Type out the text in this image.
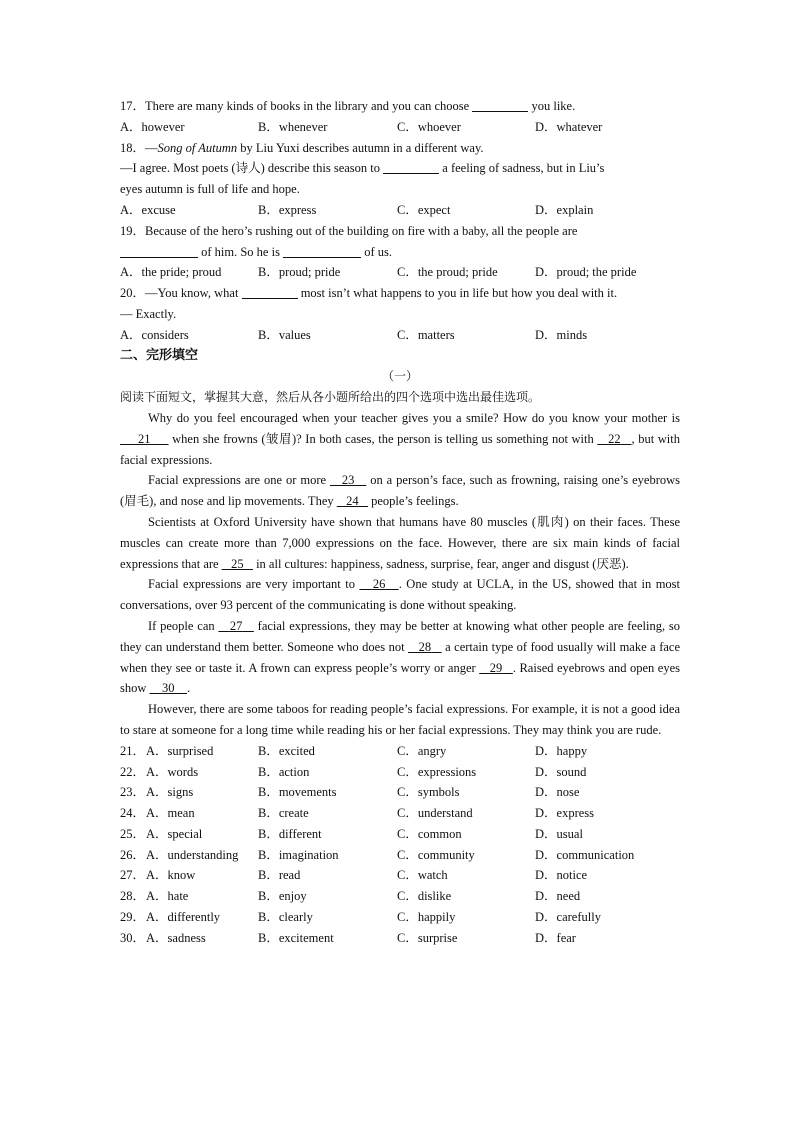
17．There are many kinds of books in the library and you can choose	you like.
A．however	B．whenever	C．whoever	D．whatever
18．—Song of Autumn by Liu Yuxi describes autumn in a different way.
—I agree. Most poets (诗人) describe this season to	a feeling of sadness, but in Liu’s
eyes autumn is full of life and hope.
A．excuse	B．express	C．expect	D．explain
19．Because of the hero’s rushing out of the building on fire with a baby, all the people are
of him. So he is	of us.
A．the pride; proud	B．proud; pride	C．the proud; pride	D．proud; the pride
20．—You know, what	most isn’t what happens to you in life but how you deal with it.
— Exactly.
A．considers	B．values	C．matters	D．minds
二、完形填空
（一）
阅读下面短文，掌握其大意，然后从各小题所给出的四个选项中选出最佳选项。
Why do you feel encouraged when your teacher gives you a smile? How do you know your mother is      21      when she frowns (皱眉)? In both cases, the person is telling us something not with    22 , but with facial expressions.
Facial expressions are one or more    23    on a person’s face, such as frowning, raising one’s eyebrows (眉毛), and nose and lip movements. They    24    people’s feelings.
Scientists at Oxford University have shown that humans have 80 muscles (肌肉) on their faces. These muscles can create more than 7,000 expressions on the face. However, there are six main kinds of facial expressions that are    25    in all cultures: happiness, sadness, surprise, fear, anger and disgust (厌恶).
Facial expressions are very important to    26 . One study at UCLA, in the US, showed that in most conversations, over 93 percent of the communicating is done without speaking.
If people can    27    facial expressions, they may be better at knowing what other people are feeling, so they can understand them better. Someone who does not    28    a certain type of food usually will make a face when they see or taste it. A frown can express people’s worry or anger    29 . Raised eyebrows and open eyes show     30 .
However, there are some taboos for reading people’s facial expressions. For example, it is not a good idea to stare at someone for a long time while reading his or her facial expressions. They may think you are rude.
21． A．surprised	B．excited	C．angry	D．happy
22． A．words	B．action	C．expressions	D．sound
23． A．signs	B．movements	C．symbols	D．nose
24． A．mean	B．create	C．understand	D．express
25． A．special	B．different	C．common	D．usual
26． A．understanding B．imagination	C．community	D．communication
27． A．know	B．read	C．watch	D．notice
28． A．hate	B．enjoy	C．dislike	D．need
29． A．differently	B．clearly	C．happily	D．carefully
30． A．sadness	B．excitement	C．surprise	D．fear
